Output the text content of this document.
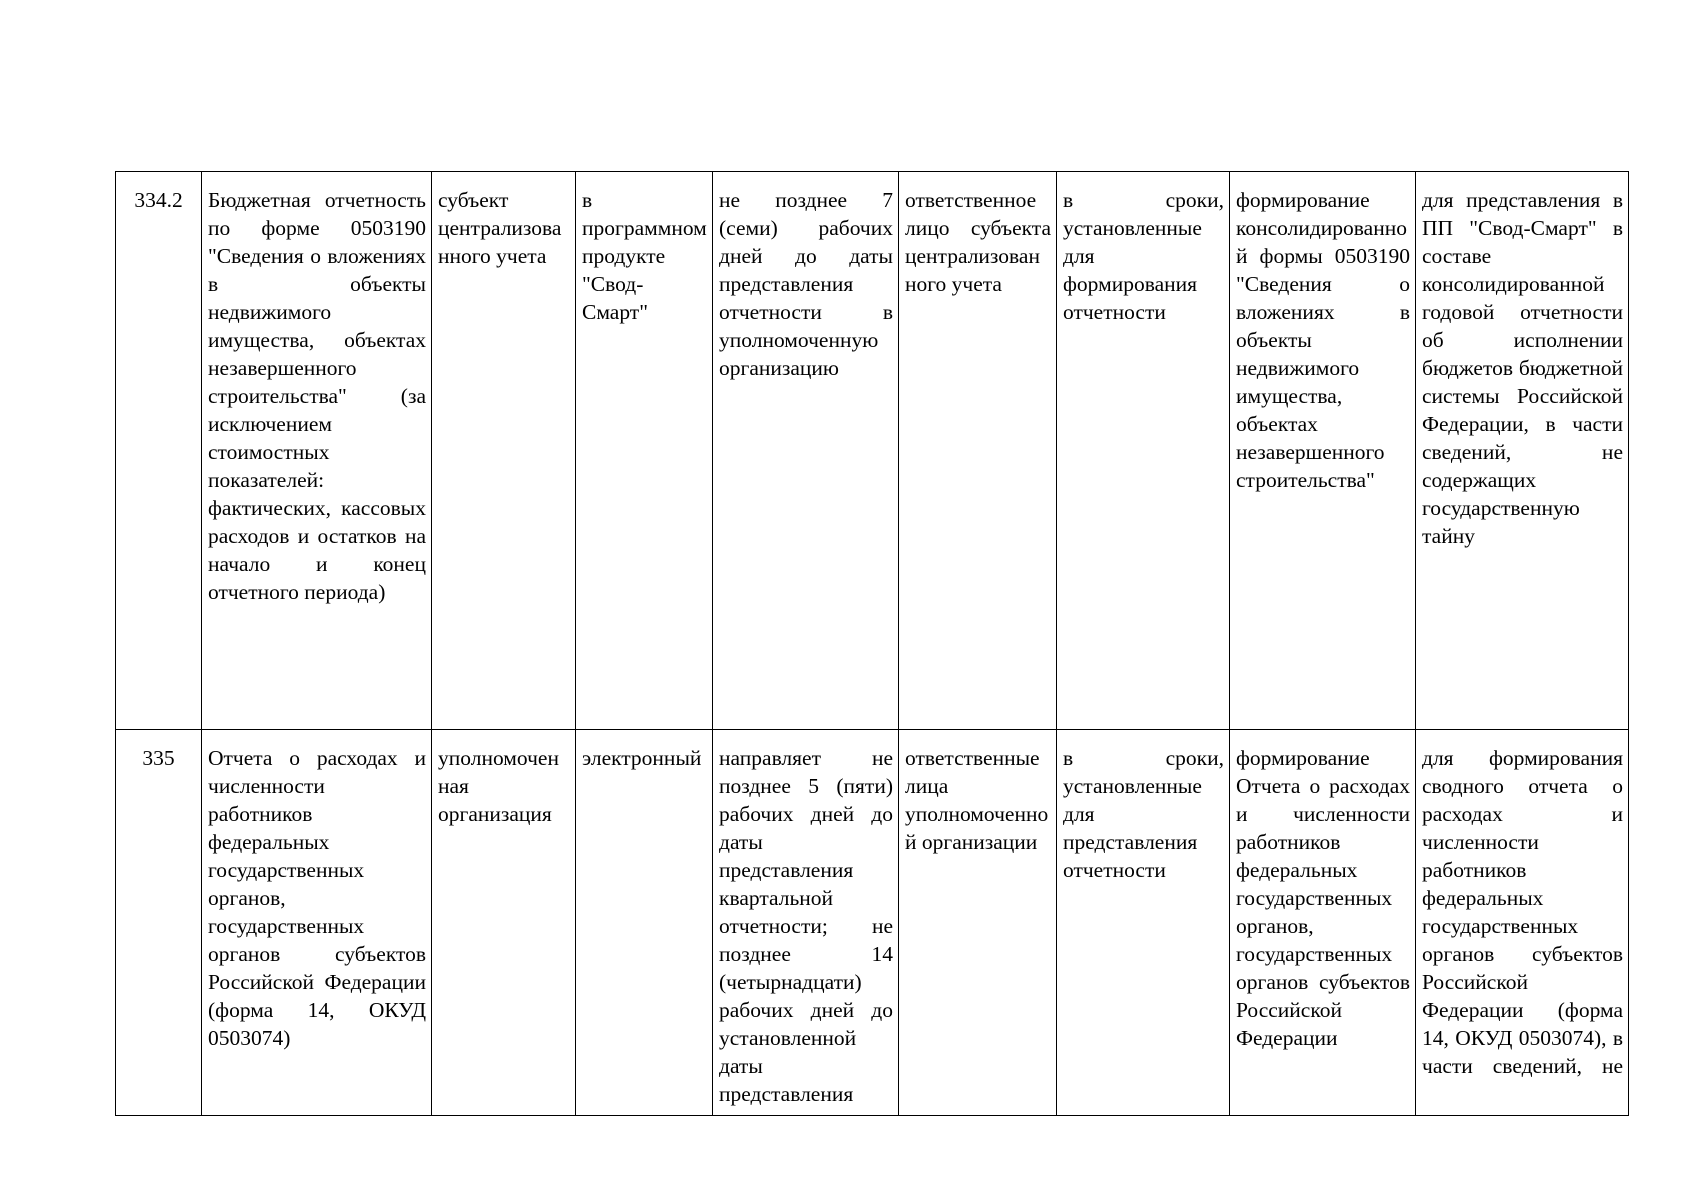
334.2	Бюджетная отчетность по форме 0503190 "Сведения о вложениях в объекты недвижимого имущества, объектах незавершенного строительства" (за исключением стоимостных показателей: фактических, кассовых расходов и остатков на начало и конец отчетного периода)	субъект централизованного учета	в программном продукте "Свод-Смарт"	не позднее 7 (семи) рабочих дней до даты представления отчетности в уполномоченную организацию	ответственное лицо субъекта централизованного учета	в сроки, установленные для формирования отчетности	формирование консолидированной формы 0503190 "Сведения о вложениях в объекты недвижимого имущества, объектах незавершенного строительства"	для представления в ПП "Свод-Смарт" в составе консолидированной годовой отчетности об исполнении бюджетов бюджетной системы Российской Федерации, в части сведений, не содержащих государственную тайну
335	Отчета о расходах и численности работников федеральных государственных органов, государственных органов субъектов Российской Федерации (форма 14, ОКУД 0503074)	уполномоченная организация	электронный	направляет не позднее 5 (пяти) рабочих дней до даты представления квартальной отчетности; не позднее 14 (четырнадцати) рабочих дней до установленной даты представления	ответственные лица уполномоченной организации	в сроки, установленные для представления отчетности	формирование Отчета о расходах и численности работников федеральных государственных органов, государственных органов субъектов Российской Федерации	для формирования сводного отчета о расходах и численности работников федеральных государственных органов субъектов Российской Федерации (форма 14, ОКУД 0503074), в части сведений, не
